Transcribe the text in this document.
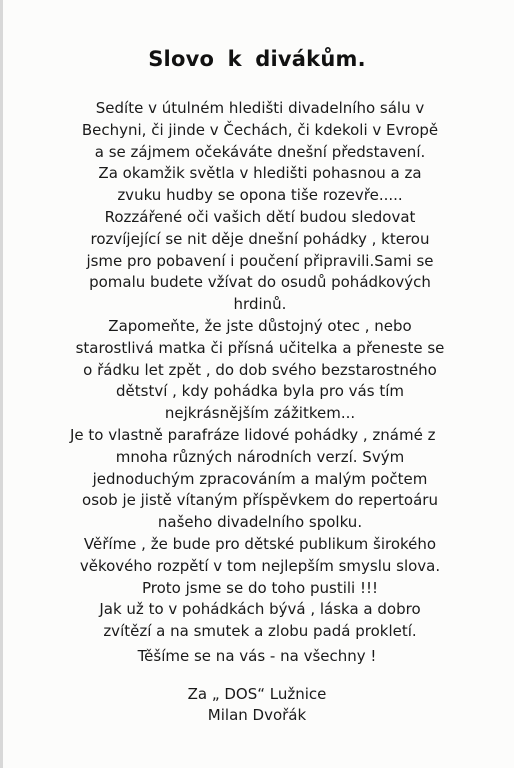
Slovo k divákům.
Sedíte v útulném hledišti divadelního sálu v
Bechyni, či jinde v Čechách, či kdekoli v Evropě
a se zájmem očekáváte dnešní představení.
Za okamžik světla v hledišti pohasnou a za
zvuku hudby se opona tiše rozevře.....
Rozzářené oči vašich dětí budou sledovat
rozvíjející se nit děje dnešní pohádky , kterou
jsme pro pobavení i poučení připravili.Sami se
pomalu budete vžívat do osudů pohádkových
hrdinů.
Zapomeňte, že jste důstojný otec , nebo
starostlivá matka či přísná učitelka a přeneste se
o řádku let zpět , do dob svého bezstarostného
dětství , kdy pohádka byla pro vás tím
nejkrásnějším zážitkem...
Je to vlastně parafráze lidové pohádky , známé z
mnoha různých národních verzí. Svým
jednoduchým zpracováním a malým počtem
osob je jistě vítaným příspěvkem do repertoáru
našeho divadelního spolku.
Věříme , že bude pro dětské publikum širokého
věkového rozpětí v tom nejlepším smyslu slova.
Proto jsme se do toho pustili !!!
Jak už to v pohádkách bývá , láska a dobro
zvítězí a na smutek a zlobu padá prokletí.
Těšíme se na vás - na všechny !
Za „ DOS“ Lužnice
Milan Dvořák
